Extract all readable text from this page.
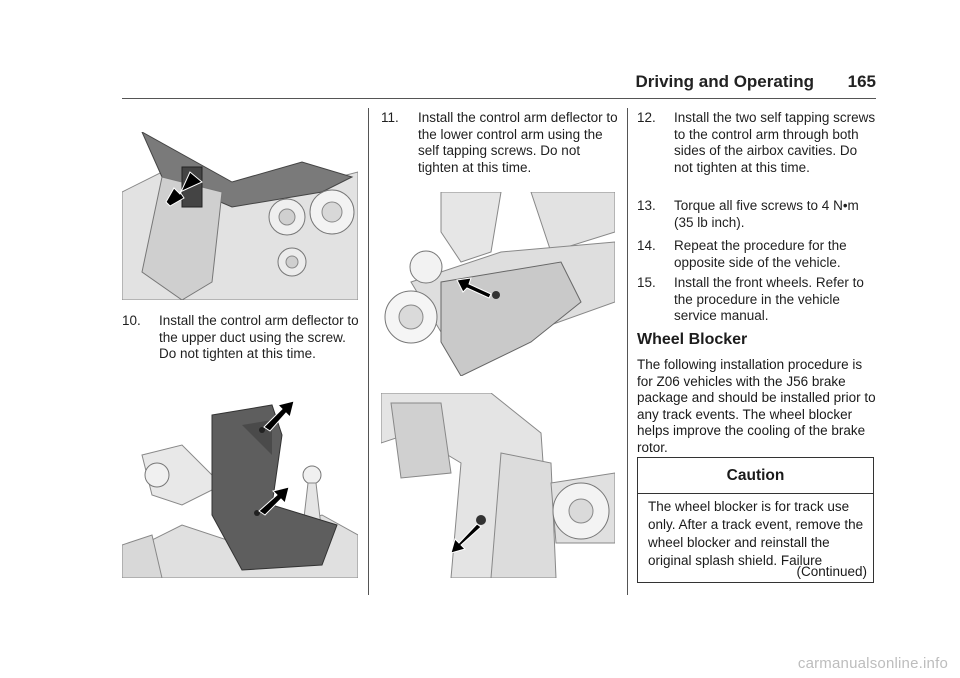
Driving and Operating 165
10. Install the control arm deflector to the upper duct using the screw. Do not tighten at this time.
11. Install the control arm deflector to the lower control arm using the self tapping screws. Do not tighten at this time.
12. Install the two self tapping screws to the control arm through both sides of the airbox cavities. Do not tighten at this time.
13. Torque all five screws to 4 N•m (35 lb inch).
14. Repeat the procedure for the opposite side of the vehicle.
15. Install the front wheels. Refer to the procedure in the vehicle service manual.
Wheel Blocker
The following installation procedure is for Z06 vehicles with the J56 brake package and should be installed prior to any track events. The wheel blocker helps improve the cooling of the brake rotor.
Caution
The wheel blocker is for track use only. After a track event, remove the wheel blocker and reinstall the original splash shield. Failure
(Continued)
carmanualsonline.info
